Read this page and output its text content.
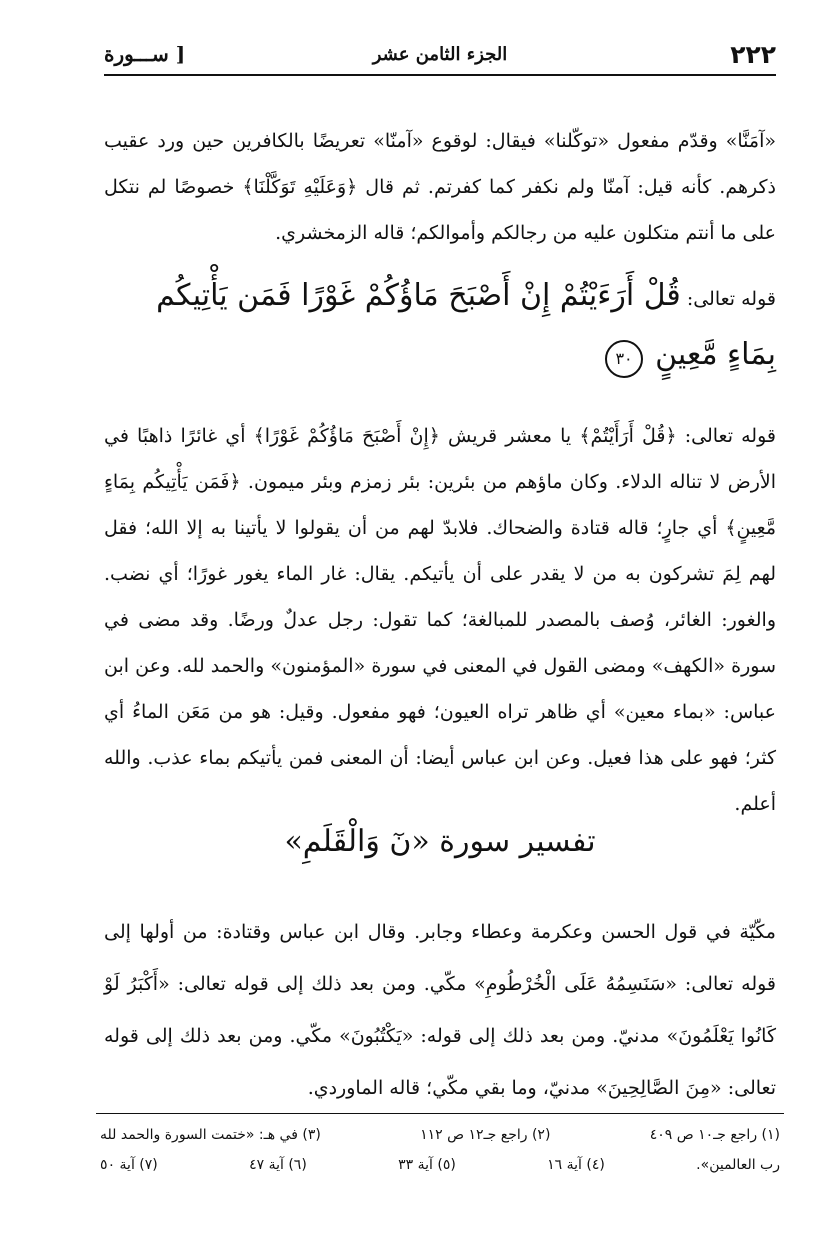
٢٢٢
الجزء الثامن عشر
[ ســـورة

«آمَنَّا» وقدّم مفعول «توكّلنا» فيقال: لوقوع «آمنّا» تعريضًا بالكافرين حين ورد عقيب ذكرهم. كأنه قيل: آمنّا ولم نكفر كما كفرتم. ثم قال ﴿وَعَلَيْهِ تَوَكَّلْنَا﴾ خصوصًا لم نتكل على ما أنتم متكلون عليه من رجالكم وأموالكم؛ قاله الزمخشري.

قوله تعالى: قُلْ أَرَءَيْتُمْ إِنْ أَصْبَحَ مَاؤُكُمْ غَوْرًا فَمَن يَأْتِيكُم بِمَاءٍ مَّعِينٍ ٣٠

قوله تعالى: ﴿قُلْ أَرَأَيْتُمْ﴾ يا معشر قريش ﴿إِنْ أَصْبَحَ مَاؤُكُمْ غَوْرًا﴾ أي غائرًا ذاهبًا في الأرض لا تناله الدلاء. وكان ماؤهم من بئرين: بئر زمزم وبئر ميمون. ﴿فَمَن يَأْتِيكُم بِمَاءٍ مَّعِينٍ﴾ أي جارٍ؛ قاله قتادة والضحاك. فلابدّ لهم من أن يقولوا لا يأتينا به إلا الله؛ فقل لهم لِمَ تشركون به من لا يقدر على أن يأتيكم. يقال: غار الماء يغور غورًا؛ أي نضب. والغور: الغائر، وُصف بالمصدر للمبالغة؛ كما تقول: رجل عدلٌ ورضًا. وقد مضى في سورة «الكهف» ومضى القول في المعنى في سورة «المؤمنون» والحمد لله. وعن ابن عباس: «بماء معين» أي ظاهر تراه العيون؛ فهو مفعول. وقيل: هو من مَعَن الماءُ أي كثر؛ فهو على هذا فعيل. وعن ابن عباس أيضا: أن المعنى فمن يأتيكم بماء عذب. والله أعلم.

تفسير سورة «نٓ وَالْقَلَمِ»

مكّيّة في قول الحسن وعكرمة وعطاء وجابر. وقال ابن عباس وقتادة: من أولها إلى قوله تعالى: «سَنَسِمُهُ عَلَى الْخُرْطُومِ» مكّي. ومن بعد ذلك إلى قوله تعالى: «أَكْبَرُ لَوْ كَانُوا يَعْلَمُونَ» مدنيّ. ومن بعد ذلك إلى قوله: «يَكْتُبُونَ» مكّي. ومن بعد ذلك إلى قوله تعالى: «مِنَ الصَّالِحِينَ» مدنيّ، وما بقي مكّي؛ قاله الماوردي.

(١) راجع جـ١٠ ص ٤٠٩
(٢) راجع جـ١٢ ص ١١٢
(٣) في هـ: «ختمت السورة والحمد لله
رب العالمين».
(٤) آية ١٦
(٥) آية ٣٣
(٦) آية ٤٧
(٧) آية ٥٠
